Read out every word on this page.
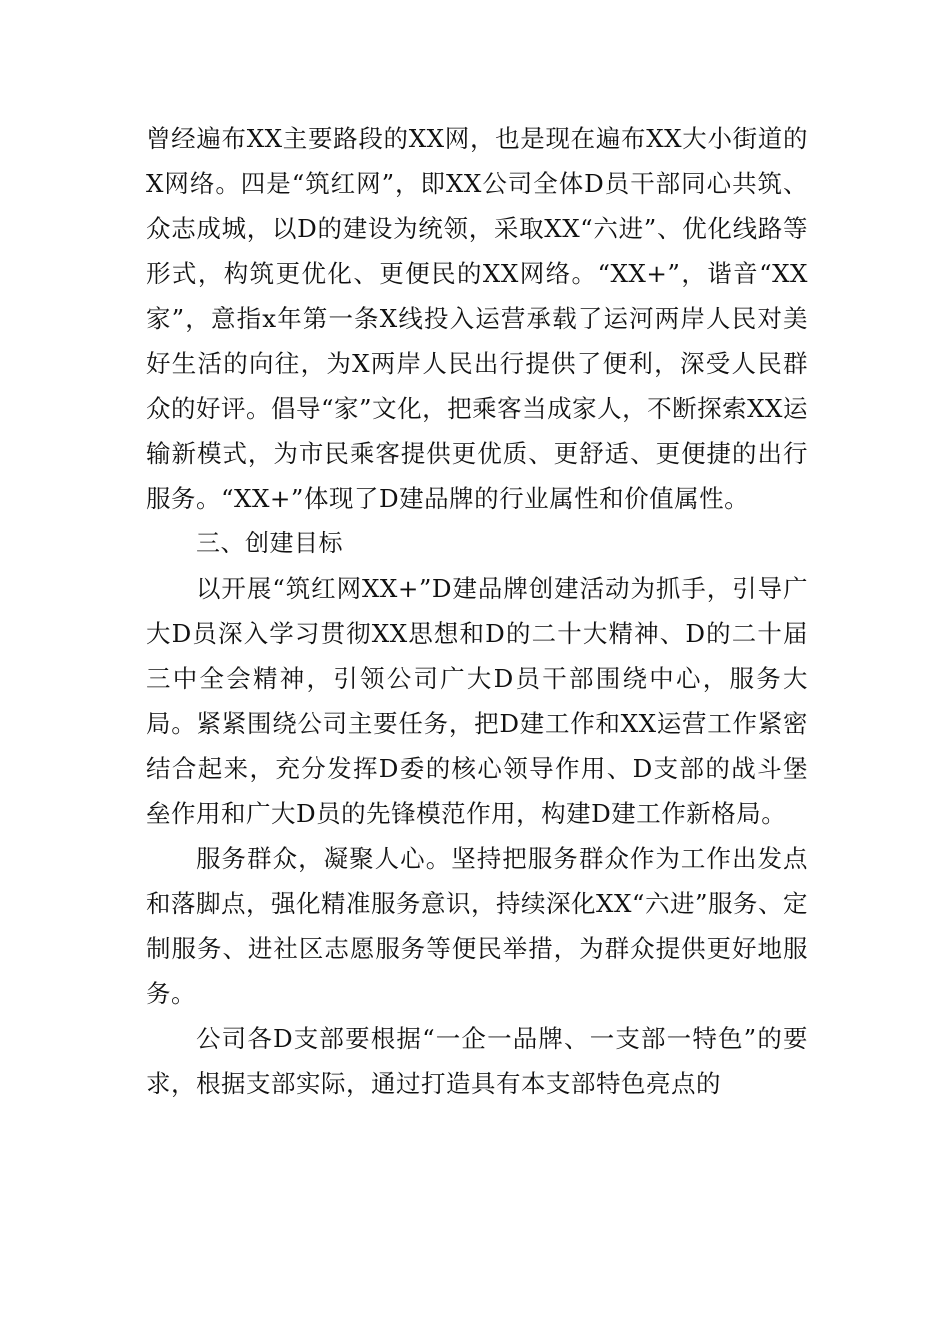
曾经遍布XX主要路段的XX网，也是现在遍布XX大小街道的X网络。四是“筑红网”，即XX公司全体D员干部同心共筑、众志成城，以D的建设为统领，采取XX“六进”、优化线路等形式，构筑更优化、更便民的XX网络。“XX+”，谐音“XX家”，意指x年第一条X线投入运营承载了运河两岸人民对美好生活的向往，为X两岸人民出行提供了便利，深受人民群众的好评。倡导“家”文化，把乘客当成家人，不断探索XX运输新模式，为市民乘客提供更优质、更舒适、更便捷的出行服务。“XX+”体现了D建品牌的行业属性和价值属性。

三、创建目标

以开展“筑红网XX+”D建品牌创建活动为抓手，引导广大D员深入学习贯彻XX思想和D的二十大精神、D的二十届三中全会精神，引领公司广大D员干部围绕中心，服务大局。紧紧围绕公司主要任务，把D建工作和XX运营工作紧密结合起来，充分发挥D委的核心领导作用、D支部的战斗堡垒作用和广大D员的先锋模范作用，构建D建工作新格局。

服务群众，凝聚人心。坚持把服务群众作为工作出发点和落脚点，强化精准服务意识，持续深化XX“六进”服务、定制服务、进社区志愿服务等便民举措，为群众提供更好地服务。

公司各D支部要根据“一企一品牌、一支部一特色”的要求，根据支部实际，通过打造具有本支部特色亮点的
